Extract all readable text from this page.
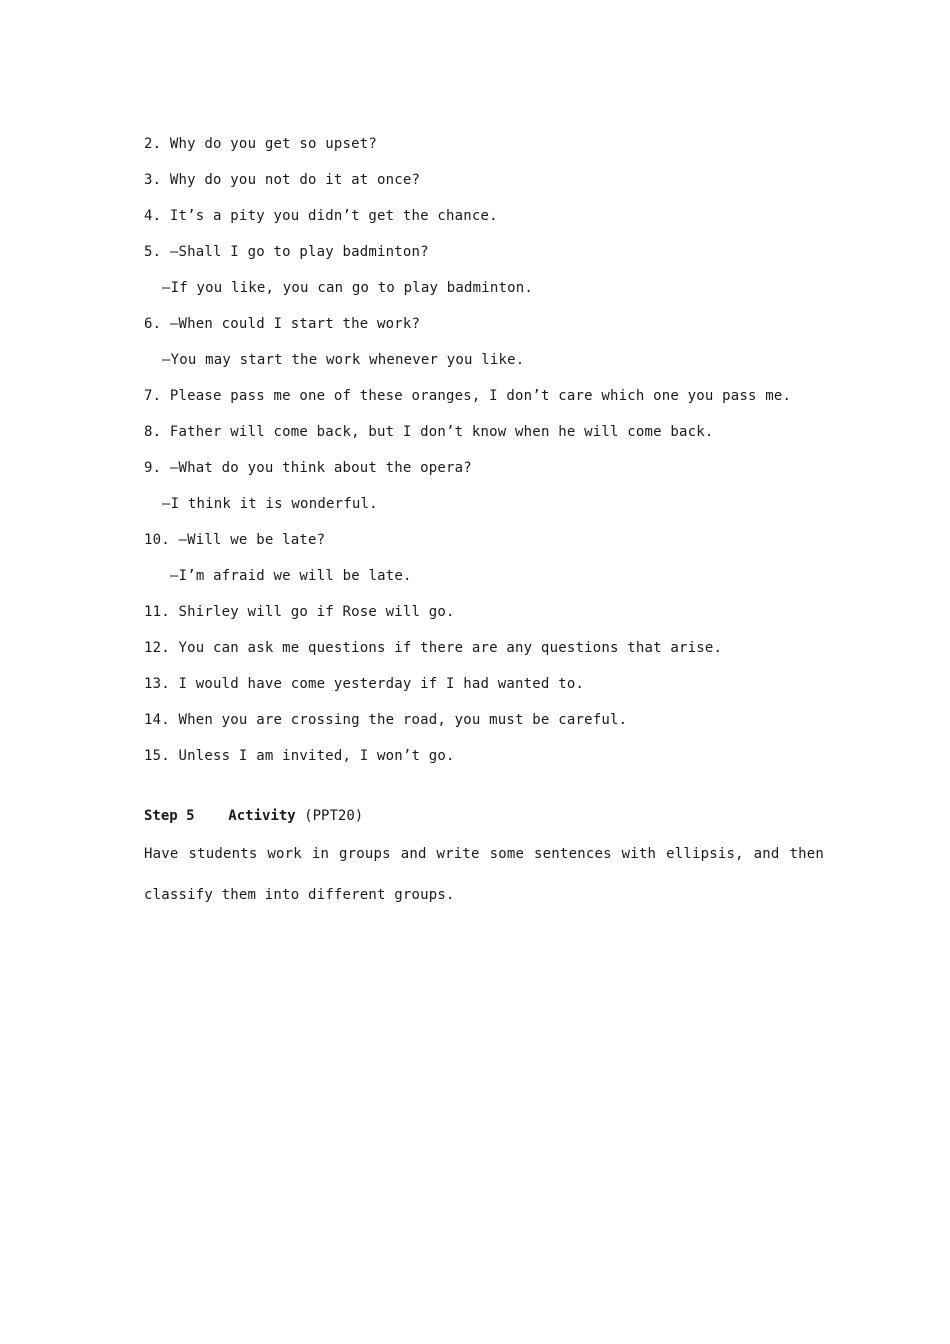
2. Why do you get so upset?
3. Why do you not do it at once?
4. It’s a pity you didn’t get the chance.
5. —Shall I go to play badminton?
—If you like, you can go to play badminton.
6. —When could I start the work?
—You may start the work whenever you like.
7. Please pass me one of these oranges, I don’t care which one you pass me.
8. Father will come back, but I don’t know when he will come back.
9. —What do you think about the opera?
—I think it is wonderful.
10. —Will we be late?
—I’m afraid we will be late.
11. Shirley will go if Rose will go.
12. You can ask me questions if there are any questions that arise.
13. I would have come yesterday if I had wanted to.
14. When you are crossing the road, you must be careful.
15. Unless I am invited, I won’t go.
Step 5 Activity (PPT20)
Have students work in groups and write some sentences with ellipsis, and then classify them into different groups.
